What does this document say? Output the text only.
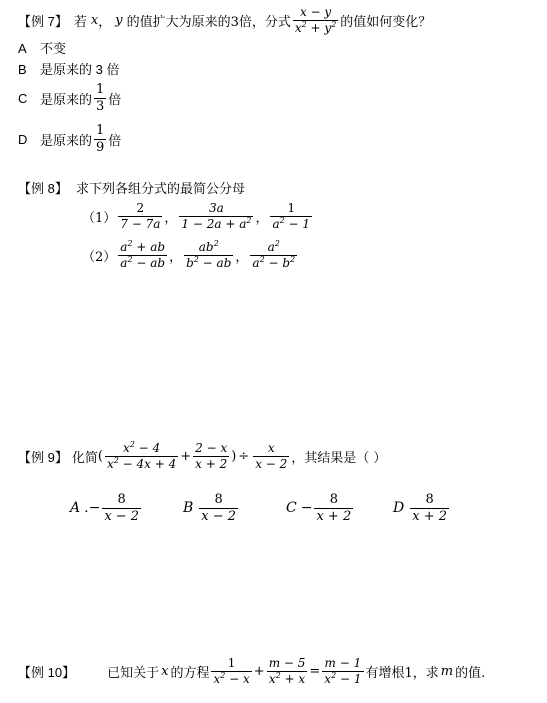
【例 7】 若 x ， y 的值扩大为原来的3倍，分式 $\frac{x - y}{x^2 + y^2}$ 的值如何变化？
A 不变
B 是原来的 3 倍
C 是原来的 $\frac{1}{3}$ 倍
D 是原来的 $\frac{1}{9}$ 倍
【例 8】 求下列各组分式的最简公分母
$(1) \frac{2}{7 - 7a}$ ， $\frac{3a}{1 - 2a + a^2}$ ， $\frac{1}{a^2 - 1}$
$(2) \frac{a^2 + ab}{a^2 - ab}$ ， $\frac{ab^2}{b^2 - ab}$ ， $\frac{a^2}{a^2 - b^2}$
【例 9】 化简 ( $\frac{x^2 - 4}{x^2 - 4x + 4} + \frac{2 - x}{x + 2}$ ) ÷ $\frac{x}{x - 2}$ ，其结果是（ ）
A .− $\frac{8}{x - 2}$	B $\frac{8}{x - 2}$	$C - \frac{8}{x + 2}$	D $\frac{8}{x + 2}$
【例 10】 已知关于 x 的方程 $\frac{1}{x^2 - x} + \frac{m - 5}{x^2 + x} = \frac{m - 1}{x^2 - 1}$ 有增根1，求 m 的值.
